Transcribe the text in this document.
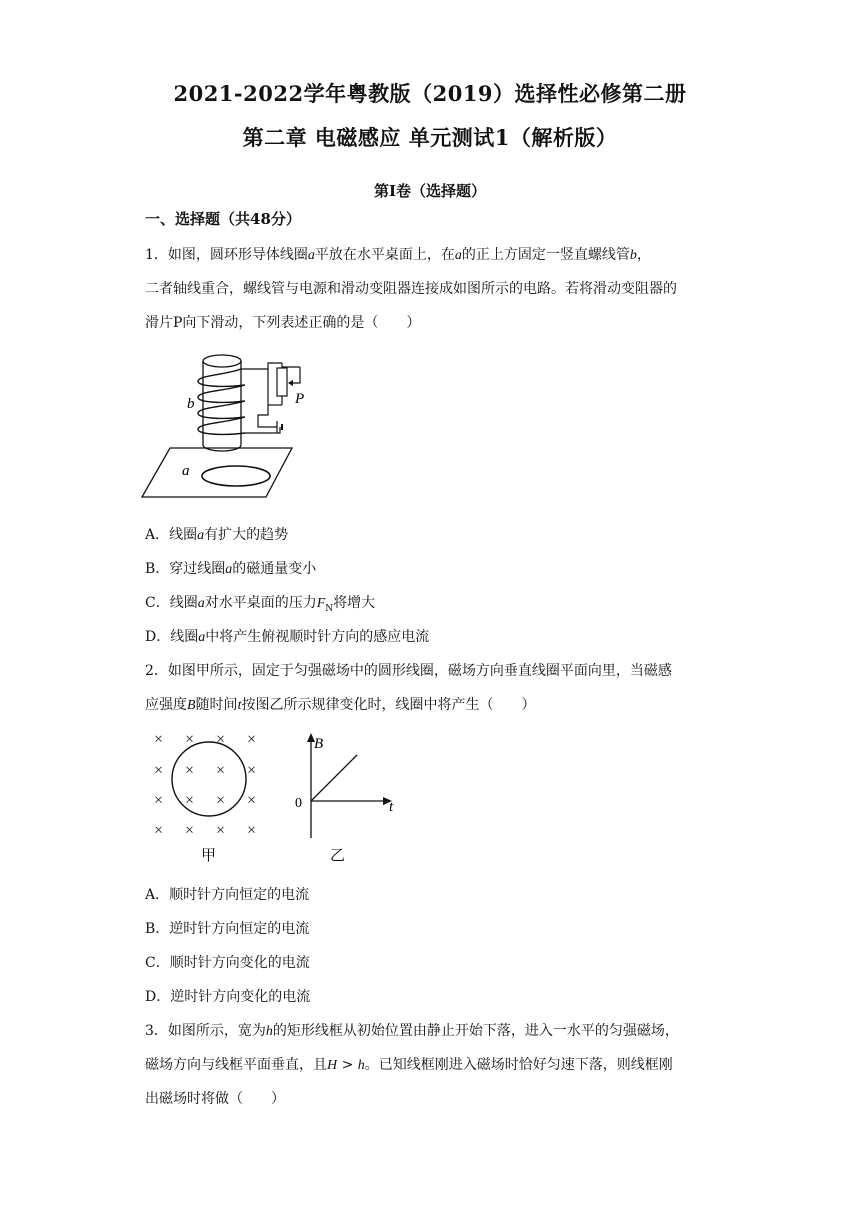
2021-2022学年粤教版（2019）选择性必修第二册
第二章 电磁感应 单元测试1（解析版）
第Ⅰ卷（选择题）
一、选择题（共48分）
1．如图，圆环形导体线圈a平放在水平桌面上，在a的正上方固定一竖直螺线管b，
二者轴线重合，螺线管与电源和滑动变阻器连接成如图所示的电路。若将滑动变阻器的
滑片P向下滑动，下列表述正确的是（　　）
b	P
a
A．线圈a有扩大的趋势
B．穿过线圈a的磁通量变小
C．线圈a对水平桌面的压力$F_N$将增大
D．线圈a中将产生俯视顺时针方向的感应电流
2．如图甲所示，固定于匀强磁场中的圆形线圈，磁场方向垂直线圈平面向里，当磁感
应强度B随时间t按图乙所示规律变化时，线圈中将产生（　　）
× × × ×
× × × ×
× × × ×
× × × ×
甲
B
0	t
乙
A．顺时针方向恒定的电流
B．逆时针方向恒定的电流
C．顺时针方向变化的电流
D．逆时针方向变化的电流
3．如图所示，宽为h的矩形线框从初始位置由静止开始下落，进入一水平的匀强磁场，
磁场方向与线框平面垂直，且H > h。已知线框刚进入磁场时恰好匀速下落，则线框刚
出磁场时将做（　　）
